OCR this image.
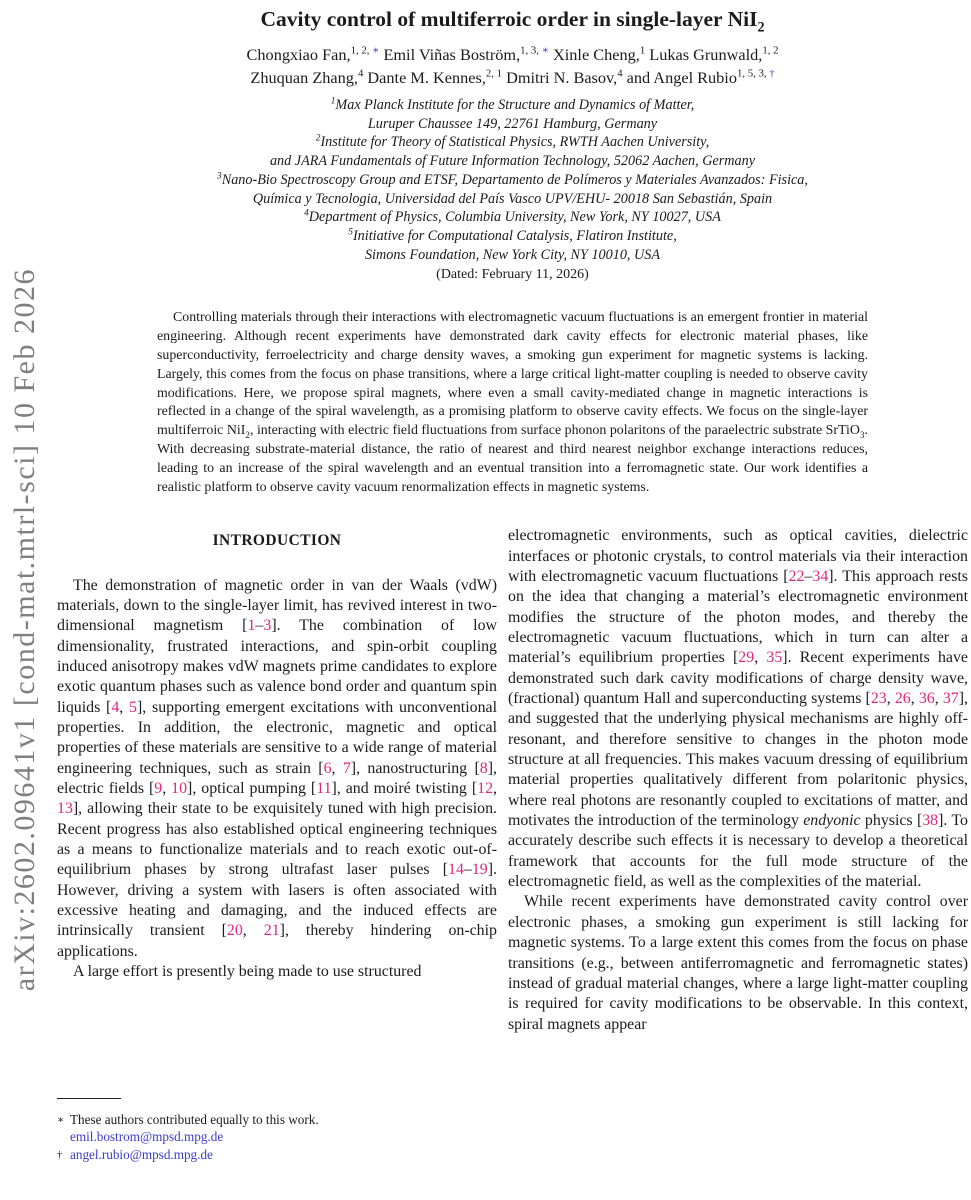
arXiv:2602.09641v1 [cond-mat.mtrl-sci] 10 Feb 2026
Cavity control of multiferroic order in single-layer NiI$_2$
Chongxiao Fan,$^{1, 2, ∗}$ Emil Viñas Boström,$^{1, 3, ∗}$ Xinle Cheng,$^1$ Lukas Grunwald,$^{1, 2}$
Zhuquan Zhang,$^4$ Dante M. Kennes,$^{2, 1}$ Dmitri N. Basov,$^4$ and Angel Rubio$^{1, 5, 3, \dagger}$
$^1$Max Planck Institute for the Structure and Dynamics of Matter,
Luruper Chaussee 149, 22761 Hamburg, Germany
$^2$Institute for Theory of Statistical Physics, RWTH Aachen University,
and JARA Fundamentals of Future Information Technology, 52062 Aachen, Germany
$^3$Nano-Bio Spectroscopy Group and ETSF, Departamento de Polímeros y Materiales Avanzados: Fisica,
Química y Tecnologia, Universidad del País Vasco UPV/EHU- 20018 San Sebastián, Spain
$^4$Department of Physics, Columbia University, New York, NY 10027, USA
$^5$Initiative for Computational Catalysis, Flatiron Institute,
Simons Foundation, New York City, NY 10010, USA
(Dated: February 11, 2026)

Controlling materials through their interactions with electromagnetic vacuum fluctuations is an emergent frontier in material engineering. Although recent experiments have demonstrated dark cavity effects for electronic material phases, like superconductivity, ferroelectricity and charge density waves, a smoking gun experiment for magnetic systems is lacking. Largely, this comes from the focus on phase transitions, where a large critical light-matter coupling is needed to observe cavity modifications. Here, we propose spiral magnets, where even a small cavity-mediated change in magnetic interactions is reflected in a change of the spiral wavelength, as a promising platform to observe cavity effects. We focus on the single-layer multiferroic NiI$_2$, interacting with electric field fluctuations from surface phonon polaritons of the paraelectric substrate SrTiO$_3$. With decreasing substrate-material distance, the ratio of nearest and third nearest neighbor exchange interactions reduces, leading to an increase of the spiral wavelength and an eventual transition into a ferromagnetic state. Our work identifies a realistic platform to observe cavity vacuum renormalization effects in magnetic systems.

INTRODUCTION

The demonstration of magnetic order in van der Waals (vdW) materials, down to the single-layer limit, has revived interest in two-dimensional magnetism [1–3]. The combination of low dimensionality, frustrated interactions, and spin-orbit coupling induced anisotropy makes vdW magnets prime candidates to explore exotic quantum phases such as valence bond order and quantum spin liquids [4, 5], supporting emergent excitations with unconventional properties. In addition, the electronic, magnetic and optical properties of these materials are sensitive to a wide range of material engineering techniques, such as strain [6, 7], nanostructuring [8], electric fields [9, 10], optical pumping [11], and moiré twisting [12, 13], allowing their state to be exquisitely tuned with high precision. Recent progress has also established optical engineering techniques as a means to functionalize materials and to reach exotic out-of-equilibrium phases by strong ultrafast laser pulses [14–19]. However, driving a system with lasers is often associated with excessive heating and damaging, and the induced effects are intrinsically transient [20, 21], thereby hindering on-chip applications.

A large effort is presently being made to use structured

∗ These authors contributed equally to this work.
emil.bostrom@mpsd.mpg.de
† angel.rubio@mpsd.mpg.de

electromagnetic environments, such as optical cavities, dielectric interfaces or photonic crystals, to control materials via their interaction with electromagnetic vacuum fluctuations [22–34]. This approach rests on the idea that changing a material’s electromagnetic environment modifies the structure of the photon modes, and thereby the electromagnetic vacuum fluctuations, which in turn can alter a material’s equilibrium properties [29, 35]. Recent experiments have demonstrated such dark cavity modifications of charge density wave, (fractional) quantum Hall and superconducting systems [23, 26, 36, 37], and suggested that the underlying physical mechanisms are highly off-resonant, and therefore sensitive to changes in the photon mode structure at all frequencies. This makes vacuum dressing of equilibrium material properties qualitatively different from polaritonic physics, where real photons are resonantly coupled to excitations of matter, and motivates the introduction of the terminology endyonic physics [38]. To accurately describe such effects it is necessary to develop a theoretical framework that accounts for the full mode structure of the electromagnetic field, as well as the complexities of the material.

While recent experiments have demonstrated cavity control over electronic phases, a smoking gun experiment is still lacking for magnetic systems. To a large extent this comes from the focus on phase transitions (e.g., between antiferromagnetic and ferromagnetic states) instead of gradual material changes, where a large light-matter coupling is required for cavity modifications to be observable. In this context, spiral magnets appear
